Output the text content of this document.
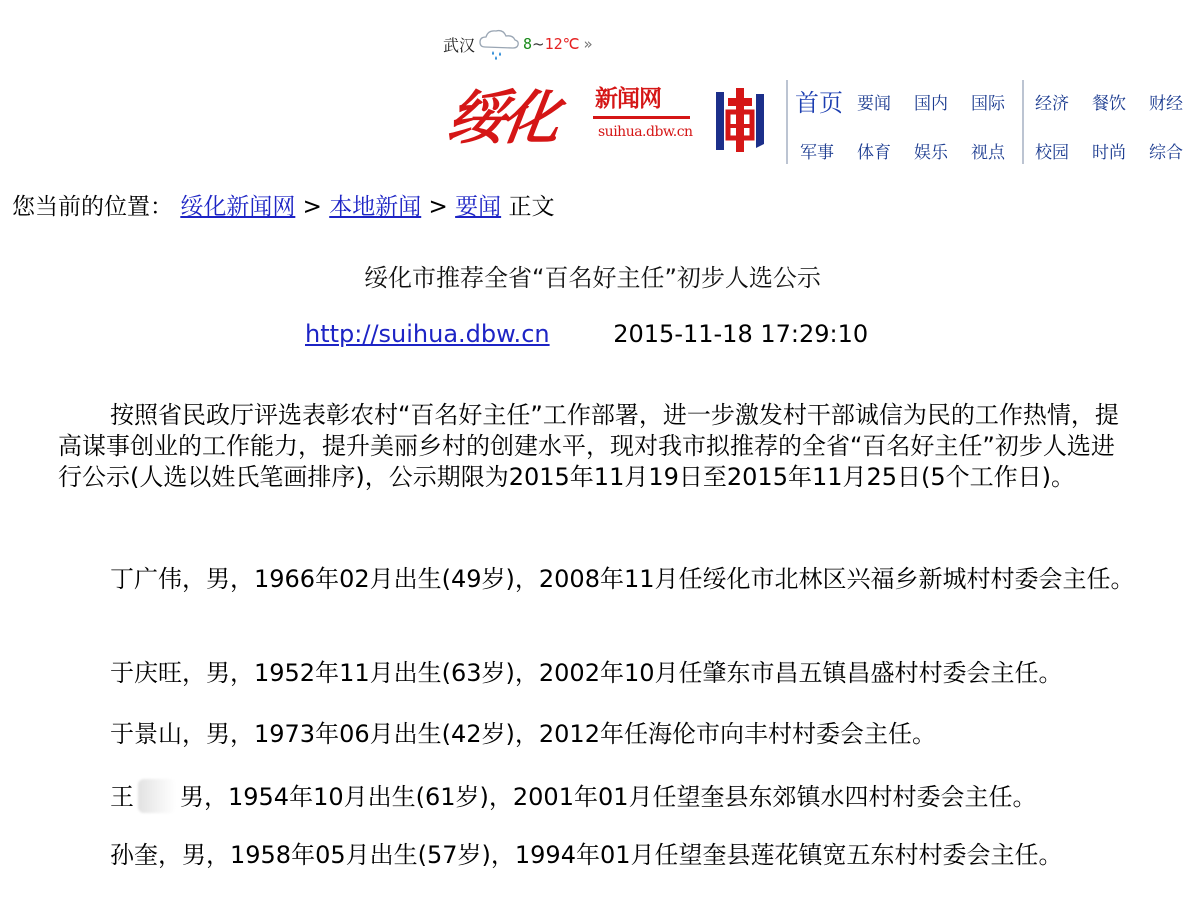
武汉	8 ~ 12℃ »
绥化 新闻网
suihua.dbw.cn
首页 要闻 国内 国际 经济 餐饮 财经
军事 体育 娱乐 视点 校园 时尚 综合
您当前的位置： 绥化新闻网 > 本地新闻 > 要闻 正文
绥化市推荐全省“百名好主任”初步人选公示
http://suihua.dbw.cn	2015-11-18 17:29:10

按照省民政厅评选表彰农村“百名好主任”工作部署，进一步激发村干部诚信为民的工作热情，提高谋事创业的工作能力，提升美丽乡村的创建水平，现对我市拟推荐的全省“百名好主任”初步人选进行公示(人选以姓氏笔画排序)，公示期限为2015年11月19日至2015年11月25日(5个工作日)。

丁广伟，男，1966年02月出生(49岁)，2008年11月任绥化市北林区兴福乡新城村村委会主任。

于庆旺，男，1952年11月出生(63岁)，2002年10月任肇东市昌五镇昌盛村村委会主任。

于景山，男，1973年06月出生(42岁)，2012年任海伦市向丰村村委会主任。

王 男，1954年10月出生(61岁)，2001年01月任望奎县东郊镇水四村村委会主任。

孙奎，男，1958年05月出生(57岁)，1994年01月任望奎县莲花镇宽五东村村委会主任。
